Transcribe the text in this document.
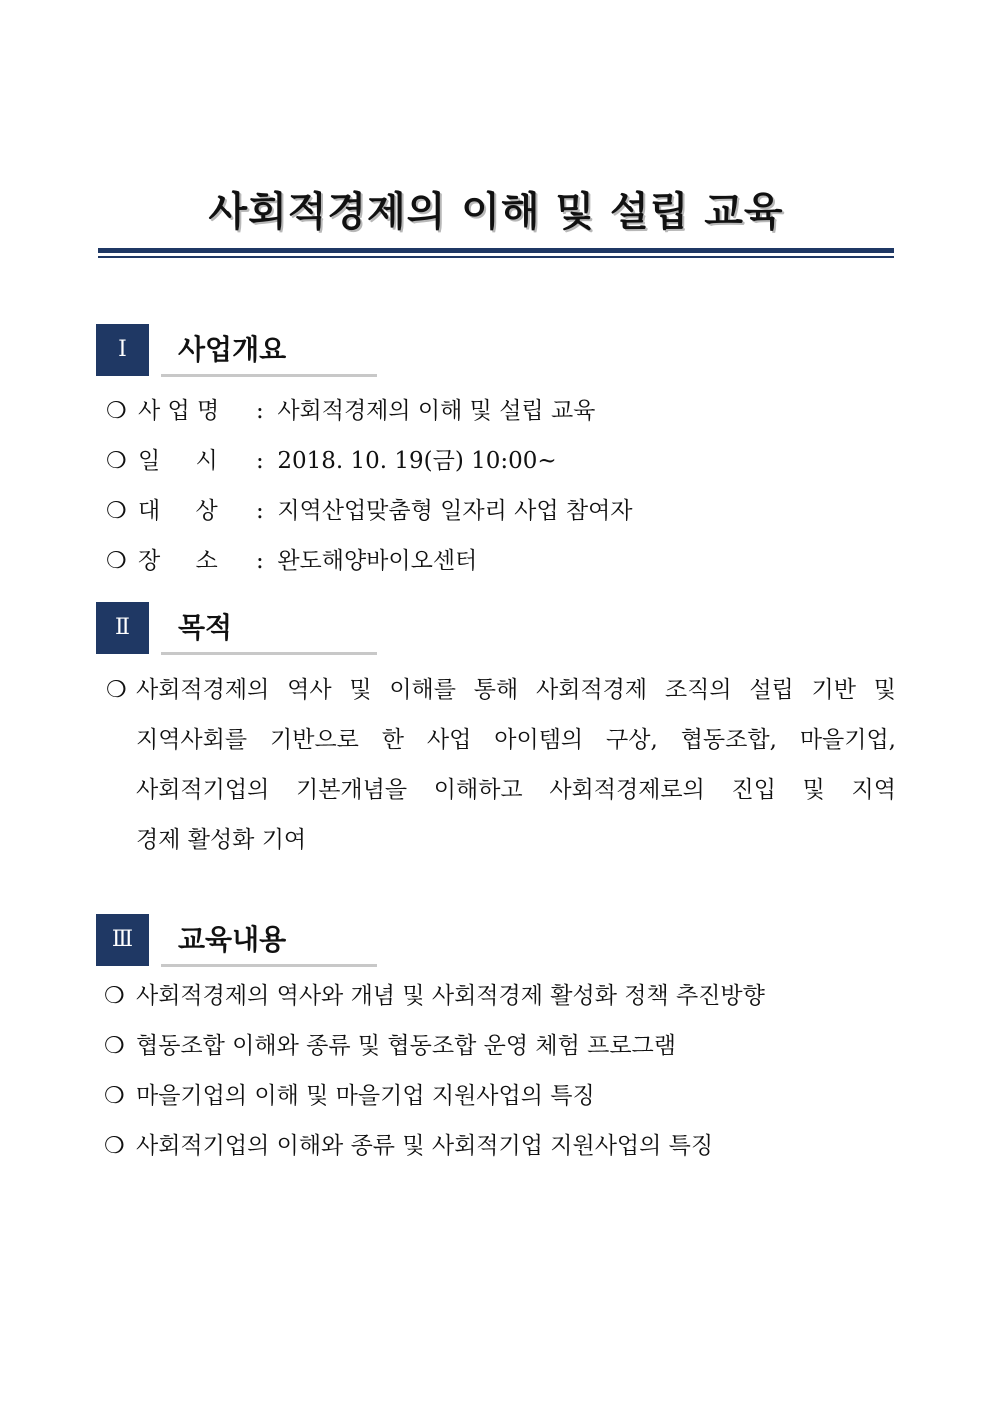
사회적경제의 이해 및 설립 교육
Ⅰ	사업개요
❍ 사 업 명 : 사회적경제의 이해 및 설립 교육
❍ 일 시 : 2018. 10. 19(금) 10:00~
❍ 대 상 : 지역산업맞춤형 일자리 사업 참여자
❍ 장 소 : 완도해양바이오센터
Ⅱ	목적
❍ 사회적경제의 역사 및 이해를 통해 사회적경제 조직의 설립 기반 및
지역사회를 기반으로 한 사업 아이템의 구상, 협동조합, 마을기업,
사회적기업의 기본개념을 이해하고 사회적경제로의 진입 및 지역
경제 활성화 기여
Ⅲ	교육내용
❍ 사회적경제의 역사와 개념 및 사회적경제 활성화 정책 추진방향
❍ 협동조합 이해와 종류 및 협동조합 운영 체험 프로그램
❍ 마을기업의 이해 및 마을기업 지원사업의 특징
❍ 사회적기업의 이해와 종류 및 사회적기업 지원사업의 특징
